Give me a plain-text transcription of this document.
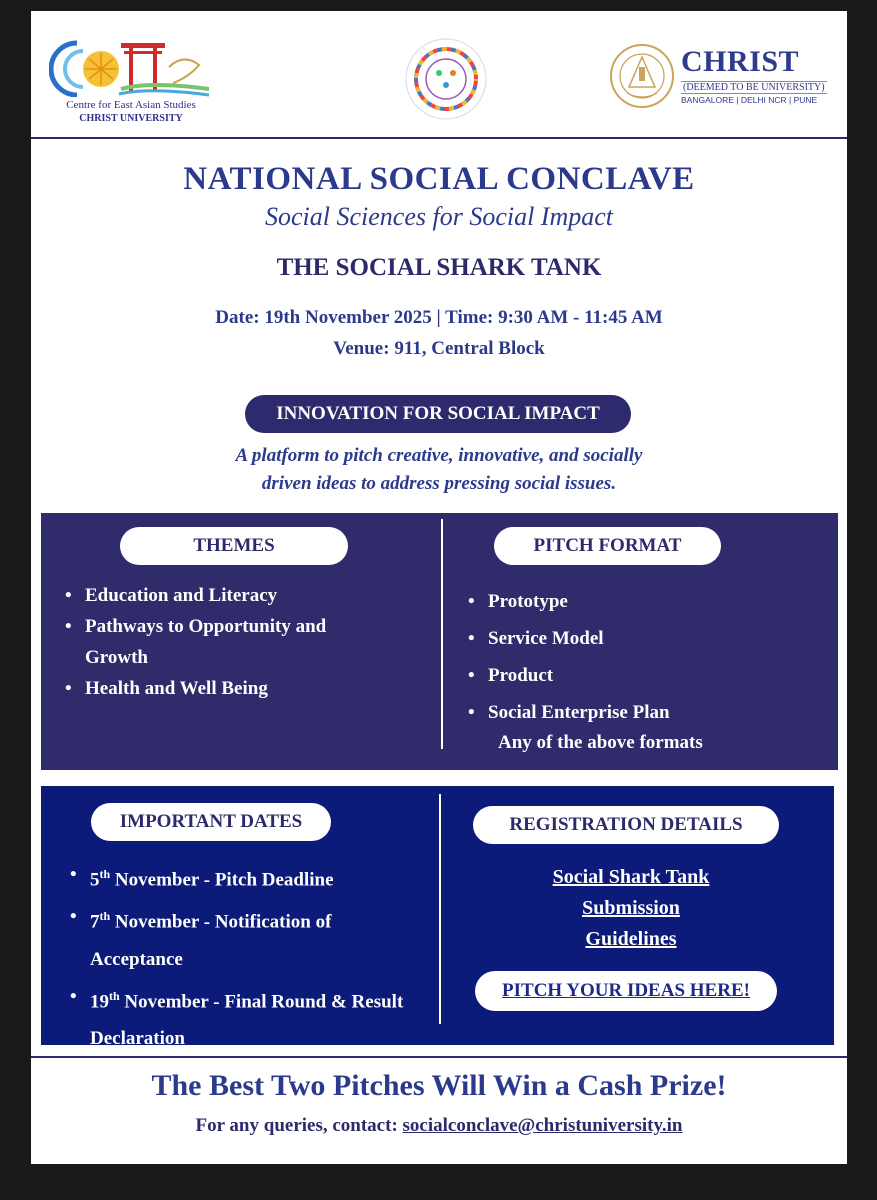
Centre for East Asian Studies
CHRIST UNIVERSITY
CHRIST
(DEEMED TO BE UNIVERSITY)
BANGALORE | DELHI NCR | PUNE
NATIONAL SOCIAL CONCLAVE
Social Sciences for Social Impact
THE SOCIAL SHARK TANK
Date: 19th November 2025 | Time: 9:30 AM - 11:45 AM
Venue: 911, Central Block
INNOVATION FOR SOCIAL IMPACT
A platform to pitch creative, innovative, and socially
driven ideas to address pressing social issues.
THEMES
• Education and Literacy
• Pathways to Opportunity and
Growth
• Health and Well Being
PITCH FORMAT
• Prototype
• Service Model
• Product
• Social Enterprise Plan
Any of the above formats
IMPORTANT DATES
• 5th November - Pitch Deadline
• 7th November - Notification of
Acceptance
• 19th November - Final Round & Result
Declaration
REGISTRATION DETAILS
Social Shark Tank
Submission
Guidelines
PITCH YOUR IDEAS HERE!
The Best Two Pitches Will Win a Cash Prize!
For any queries, contact: socialconclave@christuniversity.in
